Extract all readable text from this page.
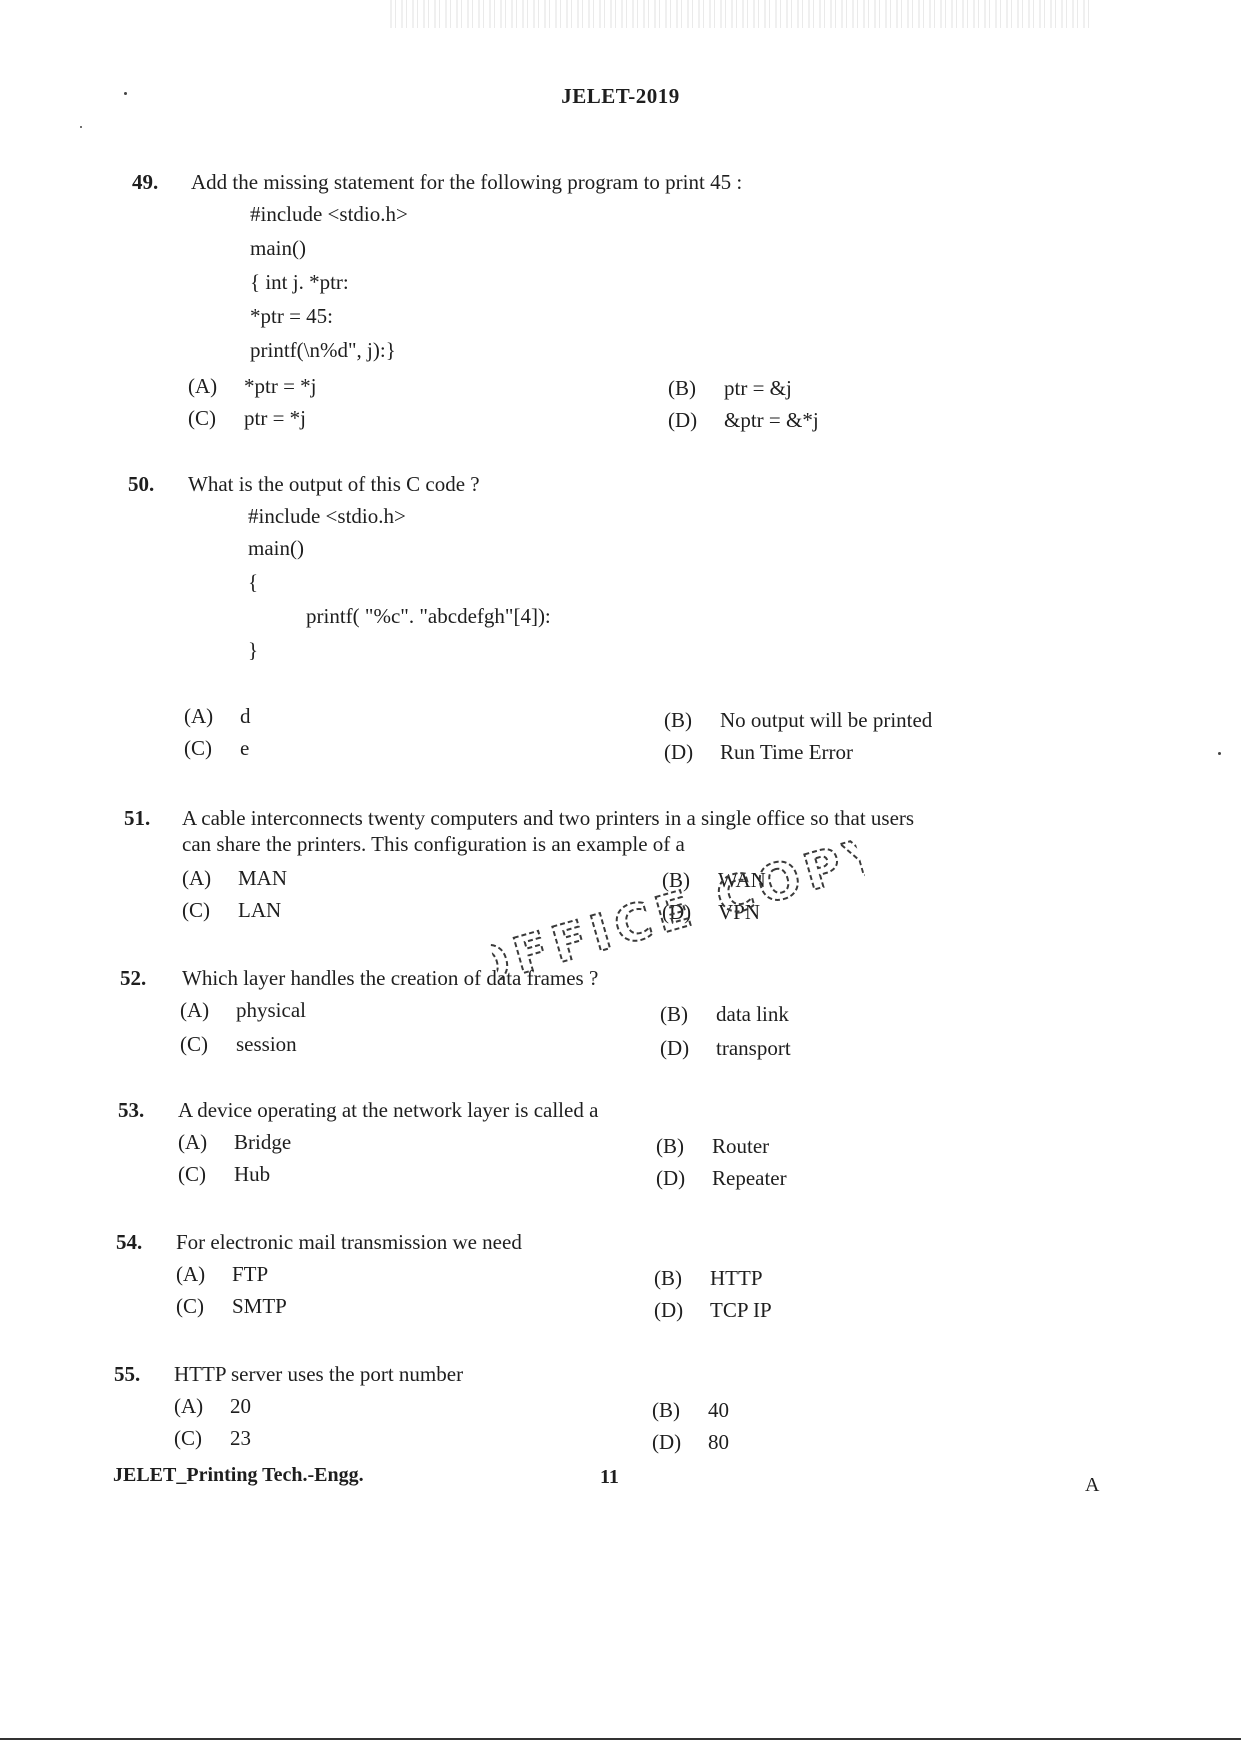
JELET-2019
49. Add the missing statement for the following program to print 45 :
#include <stdio.h>
main()
{ int j. *ptr:
*ptr = 45:
printf(\n%d", j):}
(A) *ptr = *j	(B) ptr = &j
(C) ptr = *j	(D) &ptr = &*j
50. What is the output of this C code ?
#include <stdio.h>
main()
{
printf( "%c". "abcdefgh"[4]):
}
(A) d	(B) No output will be printed
(C) e	(D) Run Time Error
51. A cable interconnects twenty computers and two printers in a single office so that users
can share the printers. This configuration is an example of a
(A) MAN	(B) WAN
(C) LAN	(D) VPN
OFFICE COPY
52. Which layer handles the creation of data frames ?
(A) physical	(B) data link
(C) session	(D) transport
53. A device operating at the network layer is called a
(A) Bridge	(B) Router
(C) Hub	(D) Repeater
54. For electronic mail transmission we need
(A) FTP	(B) HTTP
(C) SMTP	(D) TCP IP
55. HTTP server uses the port number
(A) 20	(B) 40
(C) 23	(D) 80
JELET_Printing Tech.-Engg.	11	A
